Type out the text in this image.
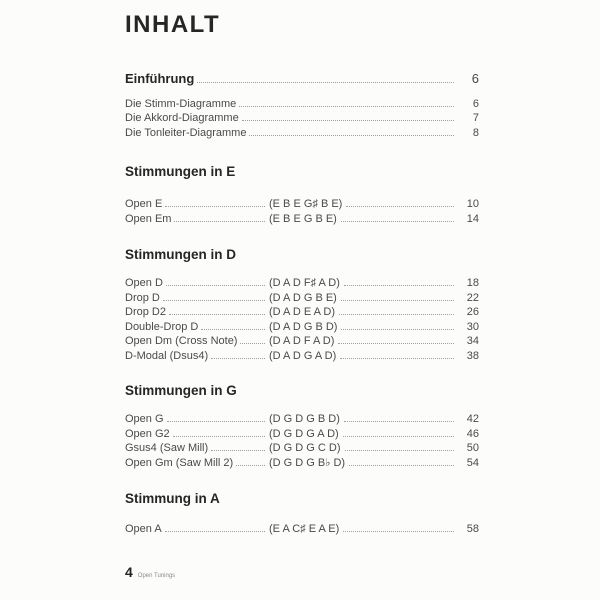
INHALT
Einführung	6
Die Stimm-Diagramme	6
Die Akkord-Diagramme	7
Die Tonleiter-Diagramme	8
Stimmungen in E
Open E	(E B E G♯ B E)	10
Open Em	(E B E G B E)	14
Stimmungen in D
Open D	(D A D F♯ A D)	18
Drop D	(D A D G B E)	22
Drop D2	(D A D E A D)	26
Double-Drop D	(D A D G B D)	30
Open Dm (Cross Note)	(D A D F A D)	34
D-Modal (Dsus4)	(D A D G A D)	38
Stimmungen in G
Open G	(D G D G B D)	42
Open G2	(D G D G A D)	46
Gsus4 (Saw Mill)	(D G D G C D)	50
Open Gm (Saw Mill 2)	(D G D G B♭ D)	54
Stimmung in A
Open A	(E A C♯ E A E)	58
4 Open Tunings
